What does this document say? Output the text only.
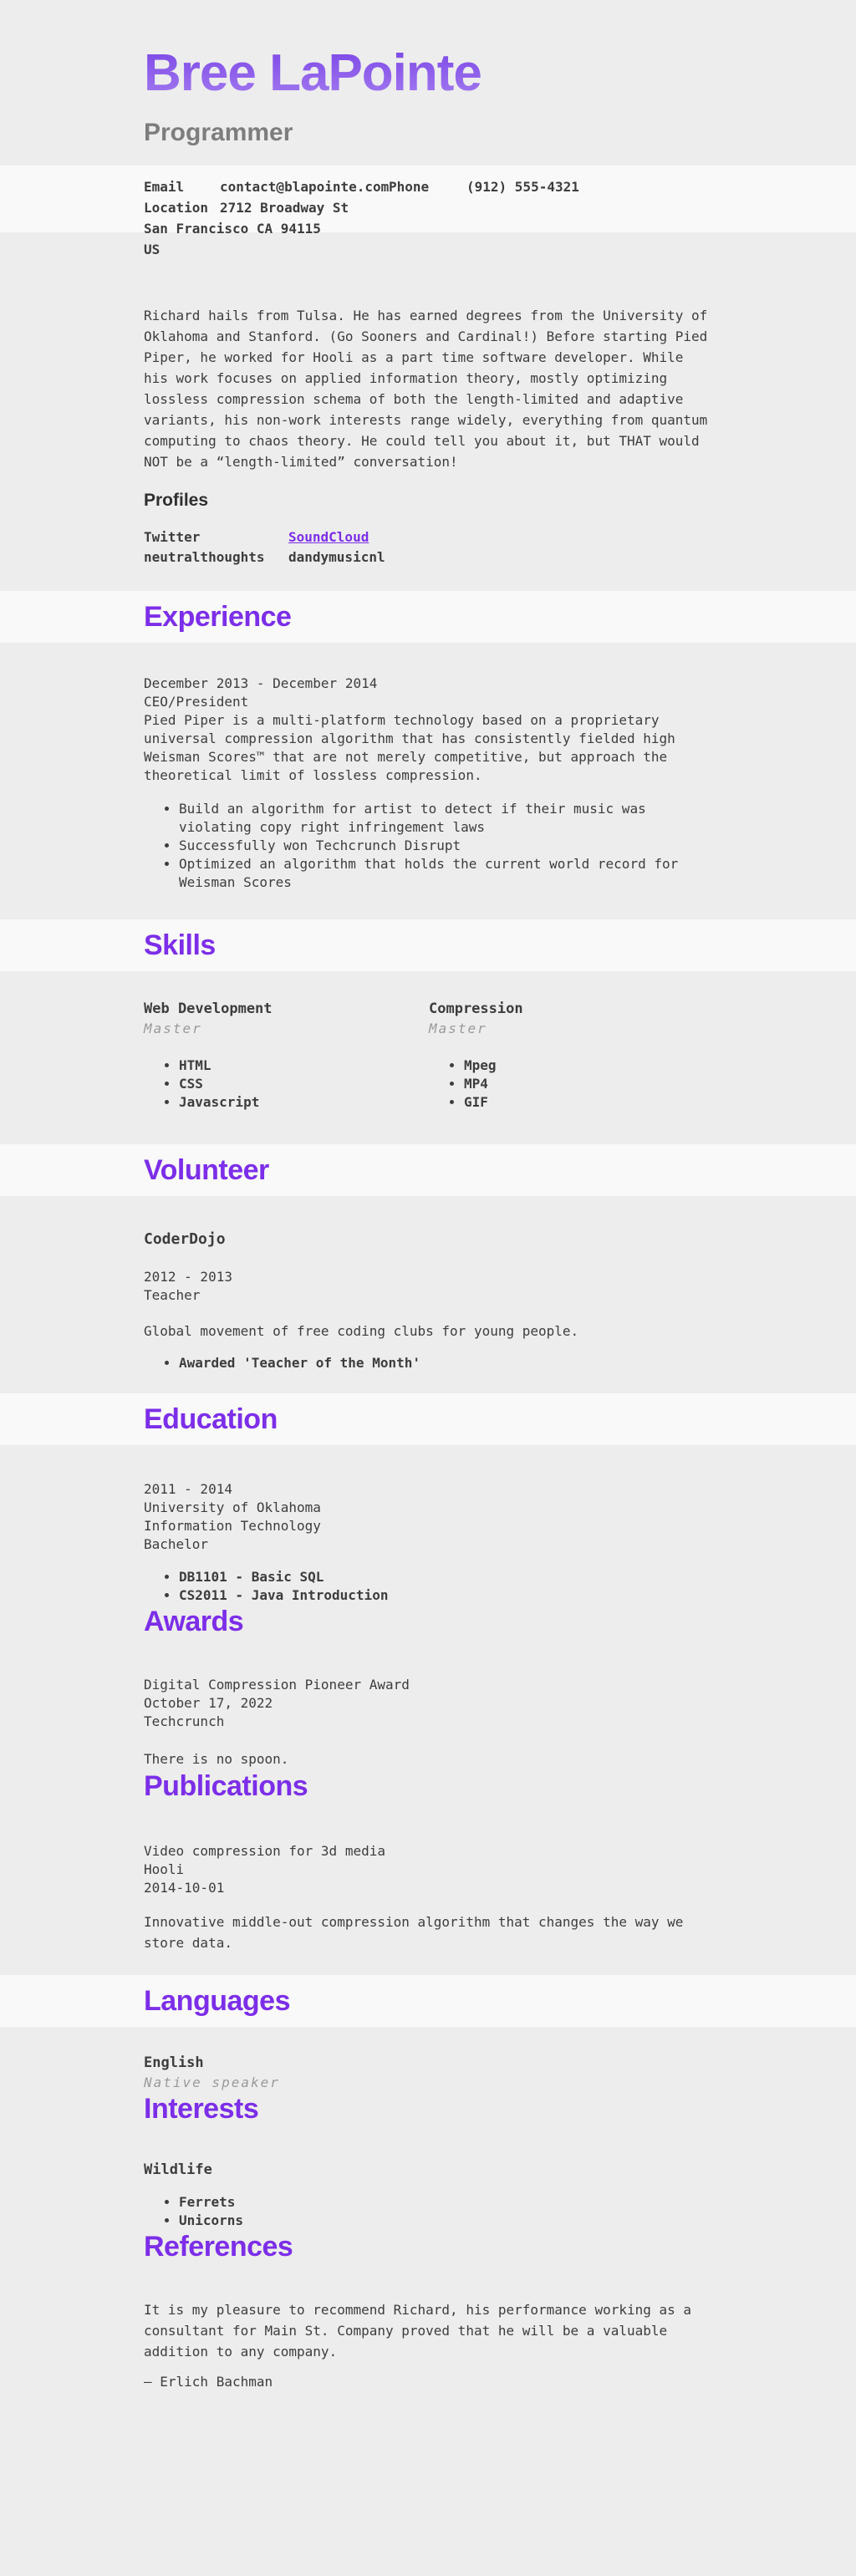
Bree LaPointe
Programmer
Email	contact@blapointe.com Phone	(912) 555-4321
Location 2712 Broadway St
San Francisco CA 94115
US

Richard hails from Tulsa. He has earned degrees from the University of Oklahoma and Stanford. (Go Sooners and Cardinal!) Before starting Pied Piper, he worked for Hooli as a part time software developer. While his work focuses on applied information theory, mostly optimizing lossless compression schema of both the length-limited and adaptive variants, his non-work interests range widely, everything from quantum computing to chaos theory. He could tell you about it, but THAT would NOT be a “length-limited” conversation!

Profiles
Twitter	SoundCloud
neutralthoughts	dandymusicnl
Experience
December 2013 - December 2014
CEO/President

Pied Piper is a multi-platform technology based on a proprietary universal compression algorithm that has consistently fielded high Weisman Scores™ that are not merely competitive, but approach the theoretical limit of lossless compression.

• Build an algorithm for artist to detect if their music was violating copy right infringement laws
• Successfully won Techcrunch Disrupt
• Optimized an algorithm that holds the current world record for Weisman Scores
Skills
Web Development
Master
• HTML
• CSS
• Javascript
Compression
Master
• Mpeg
• MP4
• GIF
Volunteer
CoderDojo
2012 - 2013
Teacher

Global movement of free coding clubs for young people.

• Awarded 'Teacher of the Month'
Education
2011 - 2014
University of Oklahoma
Information Technology
Bachelor
• DB1101 - Basic SQL
• CS2011 - Java Introduction
Awards
Digital Compression Pioneer Award
October 17, 2022
Techcrunch

There is no spoon.

Publications
Video compression for 3d media
Hooli
2014-10-01

Innovative middle-out compression algorithm that changes the way we store data.

Languages
English
Native speaker
Interests
Wildlife
• Ferrets
• Unicorns
References

It is my pleasure to recommend Richard, his performance working as a consultant for Main St. Company proved that he will be a valuable addition to any company.

— Erlich Bachman
